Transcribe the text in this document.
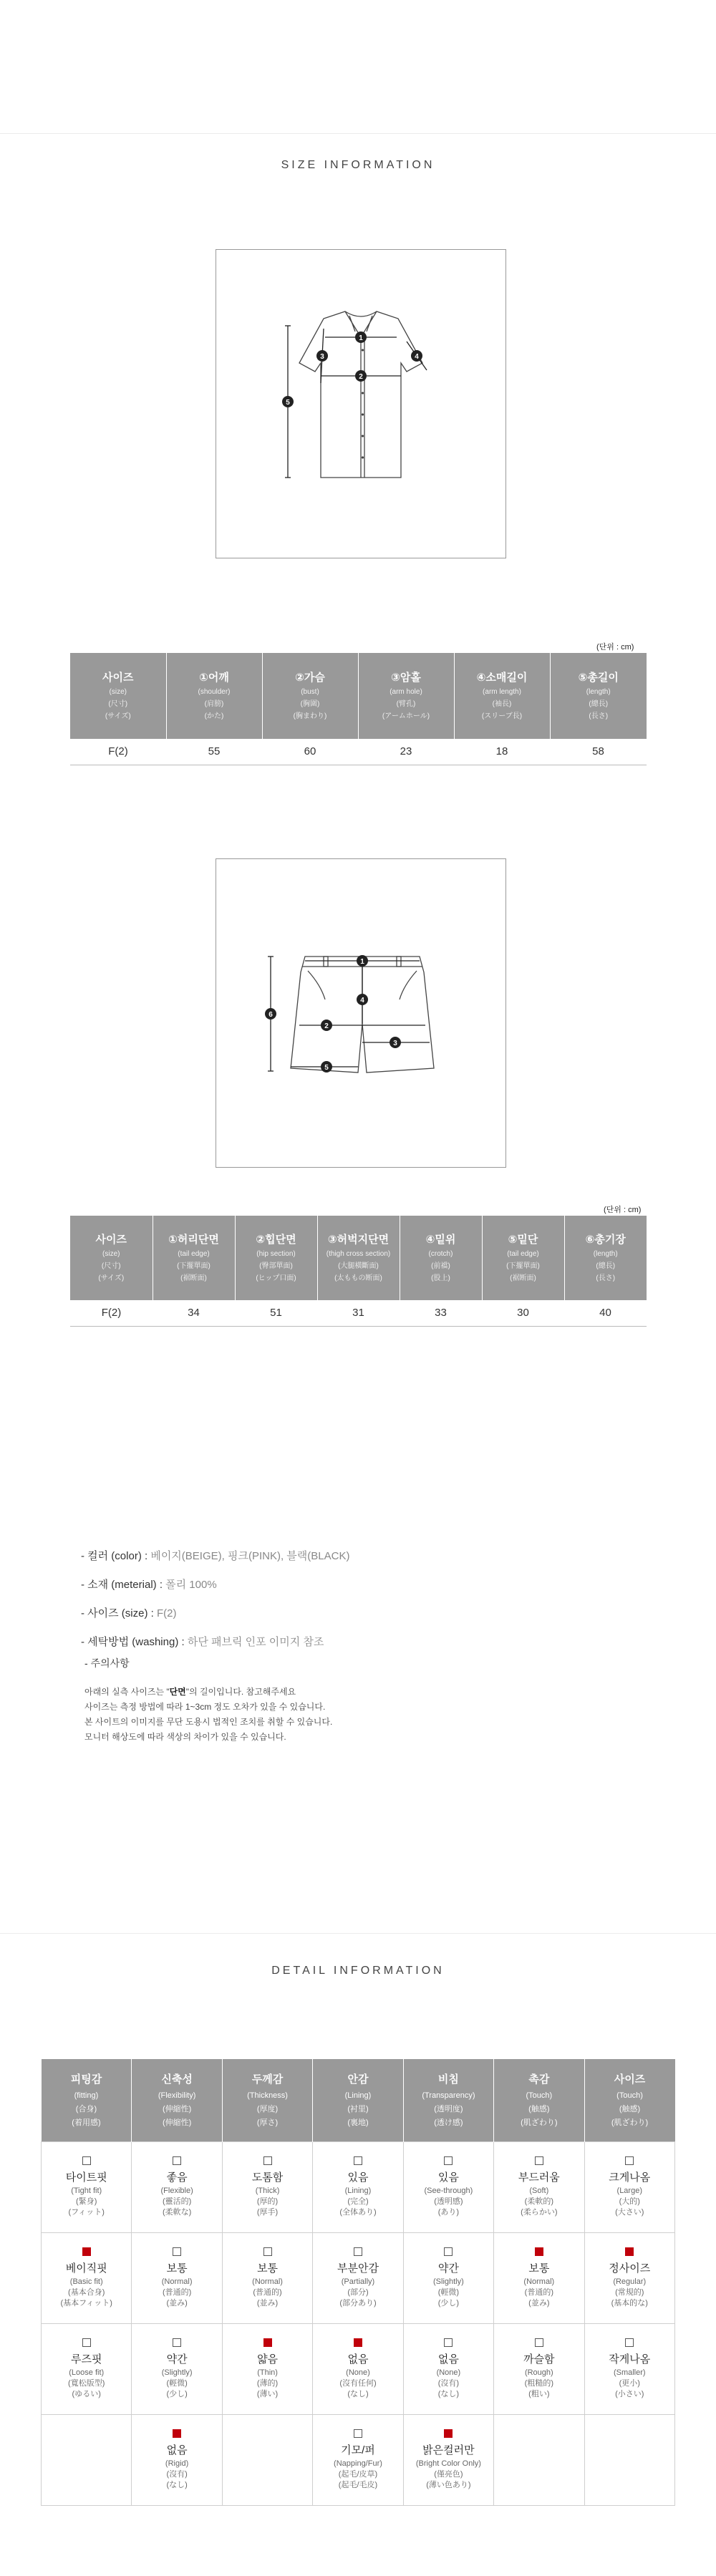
SIZE INFORMATION
1
2
3	4
5
(단위 : cm)
사이즈
(size)
(尺寸)
(サイズ)	①어깨
(shoulder)
(肩膀)
(かた)	②가슴
(bust)
(胸圍)
(胸まわり)	③암홀
(arm hole)
(臂孔)
(アームホール)	④소매길이
(arm length)
(袖長)
(スリーブ長)	⑤총길이
(length)
(總長)
(長さ)

F(2)	55	60	23	18	58
1
2
3
4
5
6
(단위 : cm)
사이즈
(size)
(尺寸)
(サイズ)	①허리단면
(tail edge)
(下擺單面)
(裾断面)	②힙단면
(hip section)
(臀部單面)
(ヒップ口面)	③허벅지단면
(thigh cross section)
(大腿橫斷面)
(太ももの断面)	④밑위
(crotch)
(前襠)
(股上)	⑤밑단
(tail edge)
(下擺單面)
(裾断面)	⑥총기장
(length)
(總長)
(長さ)

F(2)	34	51	31	33	30	40
- 컬러 (color) : 베이지(BEIGE), 핑크(PINK), 블랙(BLACK)
- 소재 (meterial) : 폴리 100%
- 사이즈 (size) : F(2)
- 세탁방법 (washing) : 하단 패브릭 인포 이미지 참조
- 주의사항

아래의 실측 사이즈는 "단면"의 길이입니다. 참고해주세요

사이즈는 측정 방법에 따라 1~3cm 정도 오차가 있을 수 있습니다.

본 사이트의 이미지를 무단 도용시 법적인 조치를 취할 수 있습니다.

모니터 해상도에 따라 색상의 차이가 있을 수 있습니다.

DETAIL INFORMATION
피팅감
(fitting)
(合身)
(着用感)	신축성
(Flexibility)
(伸縮性)
(伸縮性)	두께감
(Thickness)
(厚度)
(厚さ)	안감
(Lining)
(衬里)
(裏地)	비침
(Transparency)
(透明度)
(透け感)	촉감
(Touch)
(触感)
(肌ざわり)	사이즈
(Touch)
(触感)
(肌ざわり)

타이트핏
(Tight fit)
(緊身)
(フィット)	좋음
(Flexible)
(靈活的)
(柔軟な)	도톰함
(Thick)
(厚的)
(厚手)	있음
(Lining)
(完全)
(全体あり)	있음
(See-through)
(透明感)
(あり)	부드러움
(Soft)
(柔軟的)
(柔らかい)	크게나옴
(Large)
(大的)
(大さい)

베이직핏
(Basic fit)
(基本合身)
(基本フィット)	보통
(Normal)
(普通的)
(並み)	보통
(Normal)
(普通的)
(並み)	부분안감
(Partially)
(部分)
(部分あり)	약간
(Slightly)
(輕微)
(少し)	보통
(Normal)
(普通的)
(並み)	정사이즈
(Regular)
(常規的)
(基本的な)

루즈핏
(Loose fit)
(寬松版型)
(ゆるい)	약간
(Slightly)
(輕微)
(少し)	얇음
(Thin)
(薄的)
(薄い)	없음
(None)
(沒有任何)
(なし)	없음
(None)
(沒有)
(なし)	까슬함
(Rough)
(粗糙的)
(粗い)	작게나옴
(Smaller)
(更小)
(小さい)

	없음
(Rigid)
(沒有)
(なし)		기모/퍼
(Napping/Fur)
(起毛/皮草)
(起毛/毛皮)	밝은컬러만
(Bright Color Only)
(僅亮色)
(薄い色あり)		
